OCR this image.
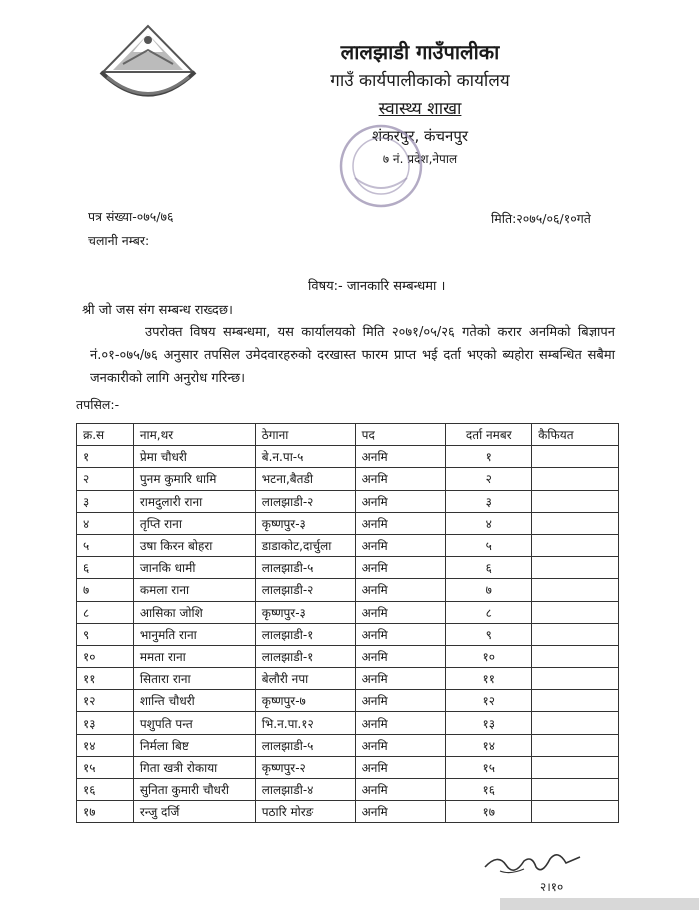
लालझाडी गाउँपालीका
गाउँ कार्यपालीकाको कार्यालय
स्वास्थ्य शाखा
शंकरपुर, कंचनपुर
७ नं. प्रदेश,नेपाल
पत्र संख्या-०७५/७६	मिति:२०७५/०६/१०गते
चलानी नम्बर:
विषय:- जानकारि सम्बन्धमा ।
श्री जो जस संग सम्बन्ध राख्दछ।
उपरोक्त विषय सम्बन्धमा, यस कार्यालयको मिति २०७१/०५/२६ गतेको करार अनमिको बिज्ञापन नं.०१-०७५/७६ अनुसार तपसिल उमेदवारहरुको दरखास्त फारम प्राप्त भई दर्ता भएको ब्यहोरा सम्बन्धित सबैमा जनकारीको लागि अनुरोध गरिन्छ।
तपसिल:-
क्र.स	नाम,थर	ठेगाना	पद	दर्ता नमबर	कैफियत
१	प्रेमा चौधरी	बे.न.पा-५	अनमि	१	
२	पुनम कुमारि धामि	भटना,बैतडी	अनमि	२	
३	रामदुलारी राना	लालझाडी-२	अनमि	३	
४	तृप्ति राना	कृष्णपुर-३	अनमि	४	
५	उषा किरन बोहरा	डाडाकोट,दार्चुला	अनमि	५	
६	जानकि धामी	लालझाडी-५	अनमि	६	
७	कमला राना	लालझाडी-२	अनमि	७	
८	आसिका जोशि	कृष्णपुर-३	अनमि	८	
९	भानुमति राना	लालझाडी-१	अनमि	९	
१०	ममता राना	लालझाडी-१	अनमि	१०	
११	सितारा राना	बेलौरी नपा	अनमि	११	
१२	शान्ति चौधरी	कृष्णपुर-७	अनमि	१२	
१३	पशुपति पन्त	भि.न.पा.१२	अनमि	१३	
१४	निर्मला बिष्ट	लालझाडी-५	अनमि	१४	
१५	गिता खत्री रोकाया	कृष्णपुर-२	अनमि	१५	
१६	सुनिता कुमारी चौधरी	लालझाडी-४	अनमि	१६	
१७	रन्जु दर्जि	पठारि मोरङ	अनमि	१७	
२।१०
